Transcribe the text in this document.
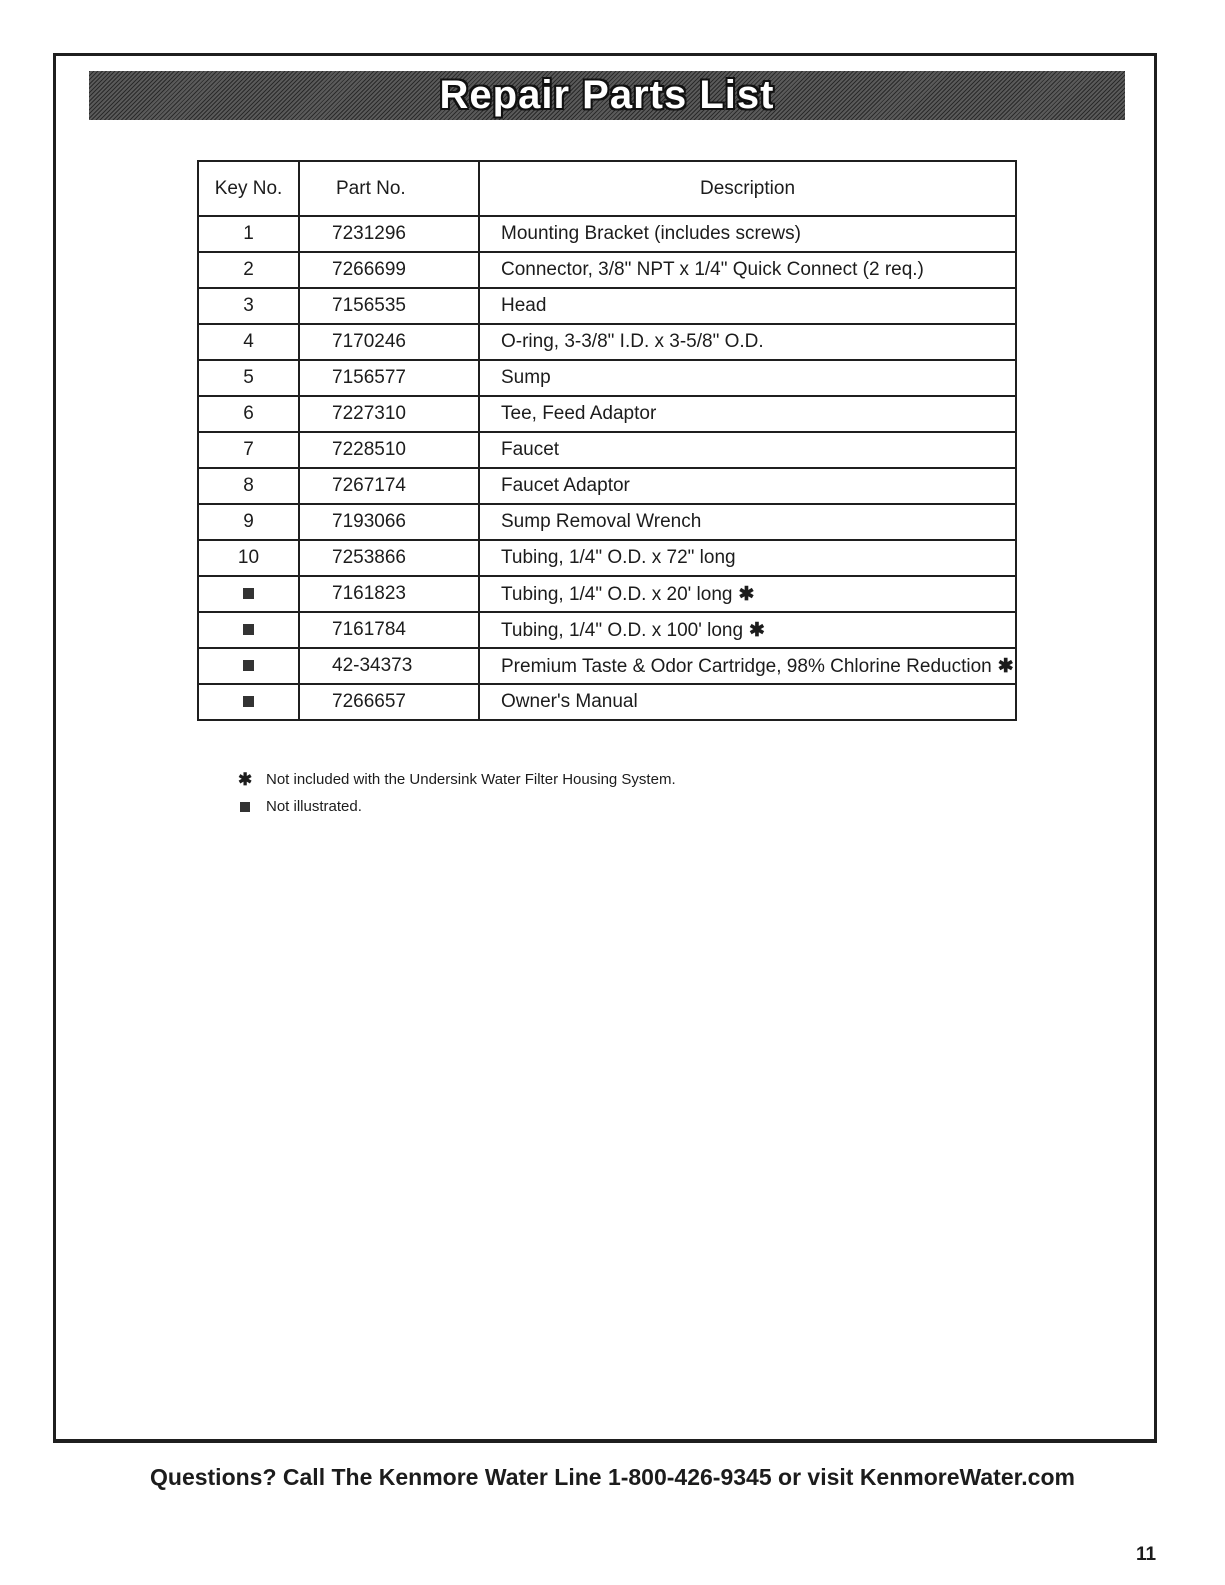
Repair Parts List
Key No.	Part No.	Description
1	7231296	Mounting Bracket (includes screws)
2	7266699	Connector, 3/8" NPT x 1/4" Quick Connect (2 req.)
3	7156535	Head
4	7170246	O-ring, 3-3/8" I.D. x 3-5/8" O.D.
5	7156577	Sump
6	7227310	Tee, Feed Adaptor
7	7228510	Faucet
8	7267174	Faucet Adaptor
9	7193066	Sump Removal Wrench
10	7253866	Tubing, 1/4" O.D. x 72" long
	7161823	Tubing, 1/4" O.D. x 20' long ✱
	7161784	Tubing, 1/4" O.D. x 100' long ✱
	42-34373	Premium Taste & Odor Cartridge, 98% Chlorine Reduction ✱
	7266657	Owner's Manual
✱ Not included with the Undersink Water Filter Housing System.
Not illustrated.
Questions? Call The Kenmore Water Line 1-800-426-9345 or visit KenmoreWater.com
11
